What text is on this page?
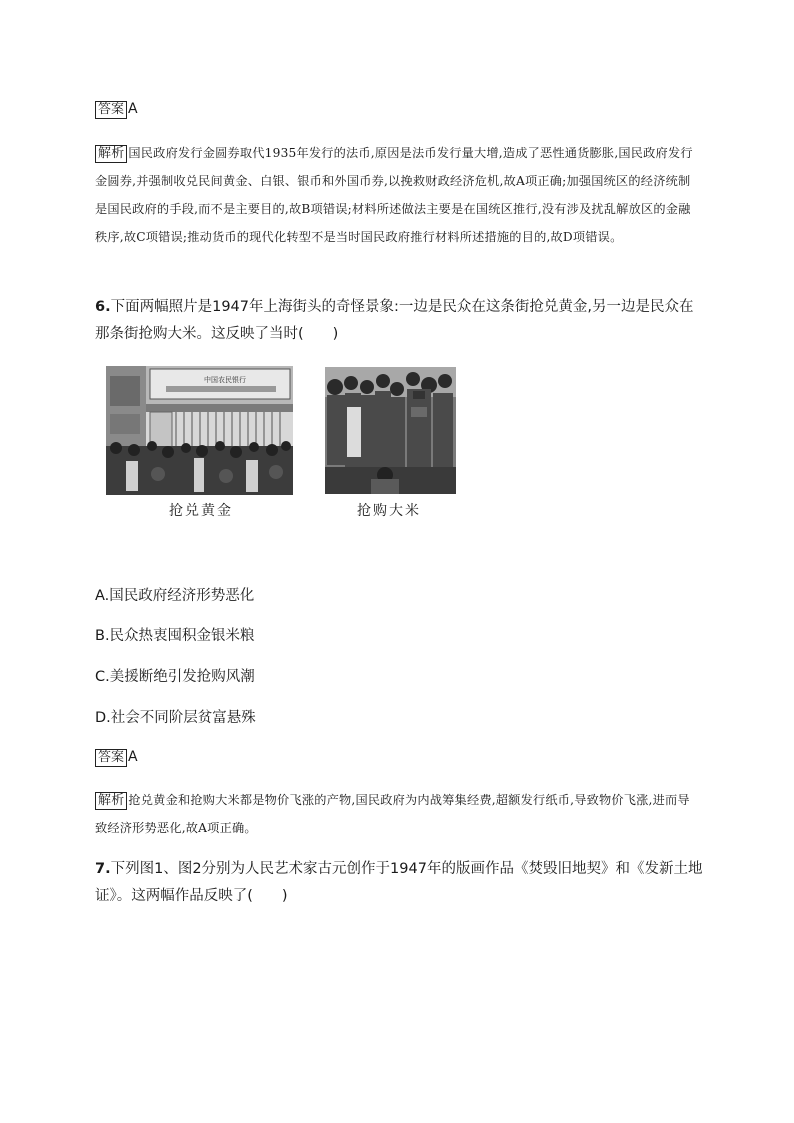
答案 A
解析 国民政府发行金圆券取代1935年发行的法币,原因是法币发行量大增,造成了恶性通货膨胀,国民政府发行金圆券,并强制收兑民间黄金、白银、银币和外国币券,以挽救财政经济危机,故A项正确;加强国统区的经济统制是国民政府的手段,而不是主要目的,故B项错误;材料所述做法主要是在国统区推行,没有涉及扰乱解放区的金融秩序,故C项错误;推动货币的现代化转型不是当时国民政府推行材料所述措施的目的,故D项错误。
6.下面两幅照片是1947年上海街头的奇怪景象:一边是民众在这条街抢兑黄金,另一边是民众在那条街抢购大米。这反映了当时(　　)
中国农民银行
抢兑黄金	抢购大米
A.国民政府经济形势恶化
B.民众热衷囤积金银米粮
C.美援断绝引发抢购风潮
D.社会不同阶层贫富悬殊
答案 A
解析 抢兑黄金和抢购大米都是物价飞涨的产物,国民政府为内战筹集经费,超额发行纸币,导致物价飞涨,进而导致经济形势恶化,故A项正确。
7.下列图1、图2分别为人民艺术家古元创作于1947年的版画作品《焚毁旧地契》和《发新土地证》。这两幅作品反映了(　　)
